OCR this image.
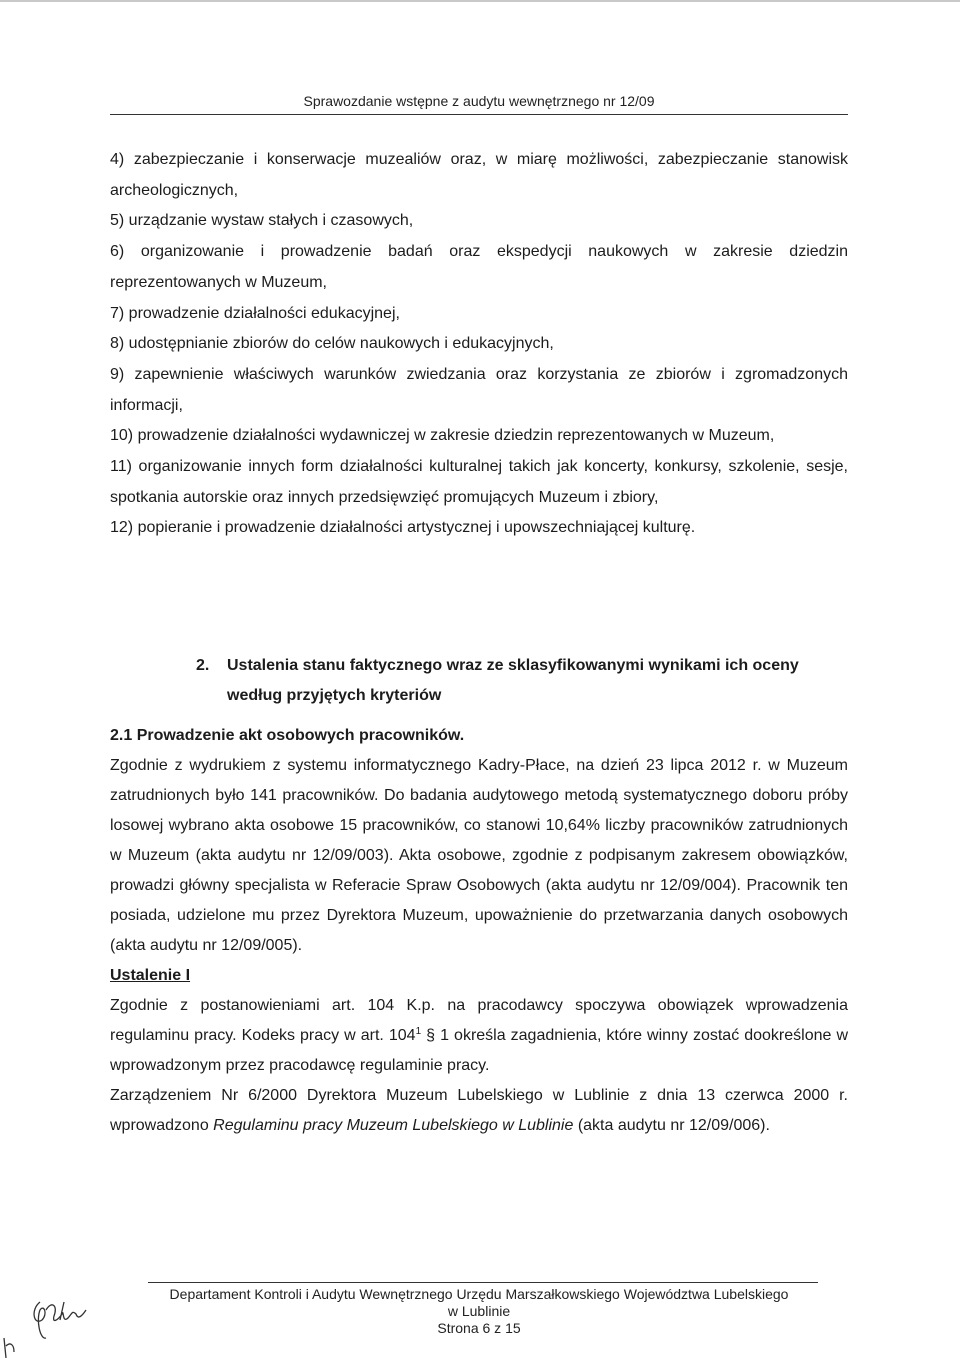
Sprawozdanie wstępne z audytu wewnętrznego nr 12/09

4) zabezpieczanie i konserwacje muzealiów oraz, w miarę możliwości, zabezpieczanie stanowisk archeologicznych,

5) urządzanie wystaw stałych i czasowych,

6) organizowanie i prowadzenie badań oraz ekspedycji naukowych w zakresie dziedzin reprezentowanych w Muzeum,

7) prowadzenie działalności edukacyjnej,

8) udostępnianie zbiorów do celów naukowych i edukacyjnych,

9) zapewnienie właściwych warunków zwiedzania oraz korzystania ze zbiorów i zgromadzonych informacji,

10) prowadzenie działalności wydawniczej w zakresie dziedzin reprezentowanych w Muzeum,

11) organizowanie innych form działalności kulturalnej takich jak koncerty, konkursy, szkolenie, sesje, spotkania autorskie oraz innych przedsięwzięć promujących Muzeum i zbiory,

12) popieranie i prowadzenie działalności artystycznej i upowszechniającej kulturę.

2.	Ustalenia stanu faktycznego wraz ze sklasyfikowanymi wynikami ich oceny według przyjętych kryteriów

2.1 Prowadzenie akt osobowych pracowników.

Zgodnie z wydrukiem z systemu informatycznego Kadry-Płace, na dzień 23 lipca 2012 r. w Muzeum zatrudnionych było 141 pracowników. Do badania audytowego metodą systematycznego doboru próby losowej wybrano akta osobowe 15 pracowników, co stanowi 10,64% liczby pracowników zatrudnionych w Muzeum (akta audytu nr 12/09/003). Akta osobowe, zgodnie z podpisanym zakresem obowiązków, prowadzi główny specjalista w Referacie Spraw Osobowych (akta audytu nr 12/09/004). Pracownik ten posiada, udzielone mu przez Dyrektora Muzeum, upoważnienie do przetwarzania danych osobowych (akta audytu nr 12/09/005).

Ustalenie I

Zgodnie z postanowieniami art. 104 K.p. na pracodawcy spoczywa obowiązek wprowadzenia regulaminu pracy. Kodeks pracy w art. $104^1$ § 1 określa zagadnienia, które winny zostać dookreślone w wprowadzonym przez pracodawcę regulaminie pracy.

Zarządzeniem Nr 6/2000 Dyrektora Muzeum Lubelskiego w Lublinie z dnia 13 czerwca 2000 r. wprowadzono Regulaminu pracy Muzeum Lubelskiego w Lublinie (akta audytu nr 12/09/006).

Departament Kontroli i Audytu Wewnętrznego Urzędu Marszałkowskiego Województwa Lubelskiego
w Lublinie
Strona 6 z 15
